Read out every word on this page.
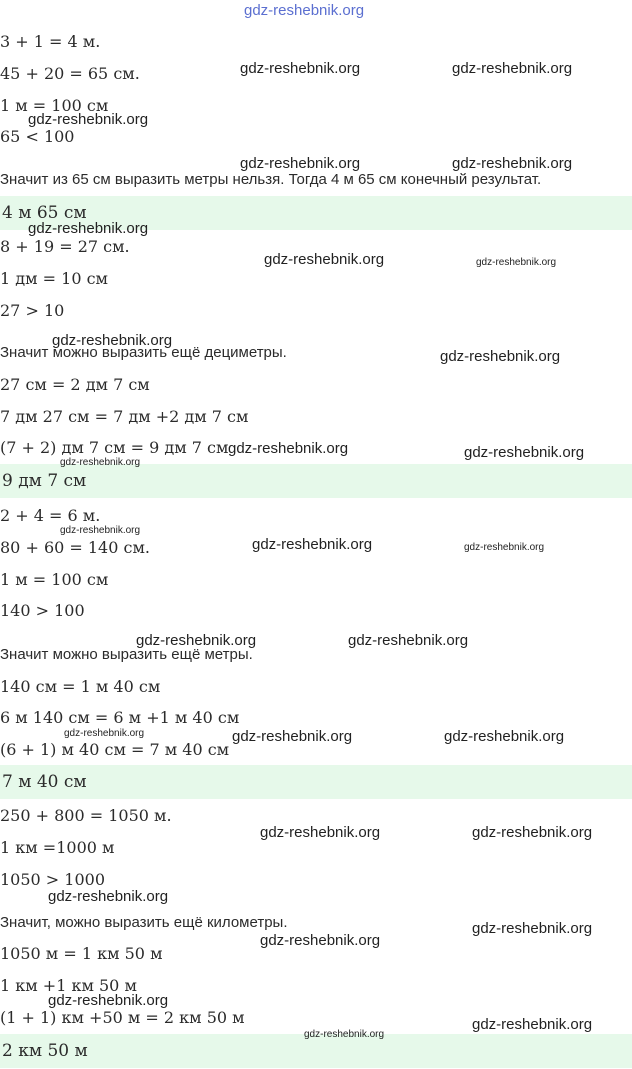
gdz-reshebnik.org
3 + 1 = 4 м.
45 + 20 = 65 см.
1 м = 100 см
65 < 100
Значит из 65 см выразить метры нельзя. Тогда 4 м 65 см конечный результат.
4 м 65 см
8 + 19 = 27 см.
1 дм = 10 см
27 > 10
Значит можно выразить ещё дециметры.
27 см = 2 дм 7 см
7 дм 27 см = 7 дм +2 дм 7 см
(7 + 2) дм 7 см = 9 дм 7 см
9 дм 7 см
2 + 4 = 6 м.
80 + 60 = 140 см.
1 м = 100 см
140 > 100
Значит можно выразить ещё метры.
140 см = 1 м 40 см
6 м 140 см = 6 м +1 м 40 см
(6 + 1) м 40 см = 7 м 40 см
7 м 40 см
250 + 800 = 1050 м.
1 км =1000 м
1050 > 1000
Значит, можно выразить ещё километры.
1050 м = 1 км 50 м
1 км +1 км 50 м
(1 + 1) км +50 м = 2 км 50 м
2 км 50 м
gdz-reshebnik.org	gdz-reshebnik.org
gdz-reshebnik.org
gdz-reshebnik.org	gdz-reshebnik.org
gdz-reshebnik.org
gdz-reshebnik.org	gdz-reshebnik.org
gdz-reshebnik.org
gdz-reshebnik.org
gdz-reshebnik.org	gdz-reshebnik.org
gdz-reshebnik.org
gdz-reshebnik.org
gdz-reshebnik.org	gdz-reshebnik.org
gdz-reshebnik.org	gdz-reshebnik.org
gdz-reshebnik.org	gdz-reshebnik.org	gdz-reshebnik.org
gdz-reshebnik.org	gdz-reshebnik.org
gdz-reshebnik.org
gdz-reshebnik.org
gdz-reshebnik.org
gdz-reshebnik.org
gdz-reshebnik.org
gdz-reshebnik.org
